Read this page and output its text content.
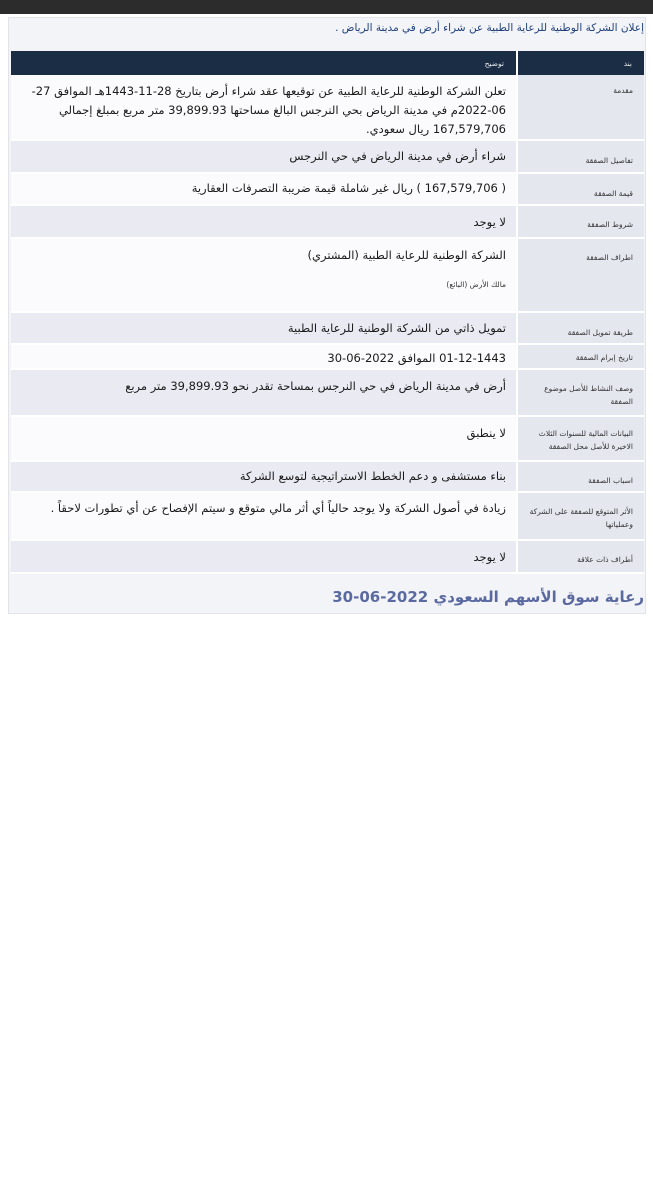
إعلان الشركة الوطنية للرعاية الطبية عن شراء أرض في مدينة الرياض .
بند	توضيح
مقدمة	تعلن الشركة الوطنية للرعاية الطبية عن توقيعها عقد شراء أرض بتاريخ 28-11-1443هـ الموافق 27-06-2022م في مدينة الرياض بحي النرجس البالغ مساحتها 39,899.93 متر مربع بمبلغ إجمالي 167,579,706 ريال سعودي.
تفاصيل الصفقة	شراء أرض في مدينة الرياض في حي النرجس
قيمة الصفقة	( 167,579,706 ) ريال غير شاملة قيمة ضريبة التصرفات العقارية
شروط الصفقة	لا يوجد
اطراف الصفقة	الشركة الوطنية للرعاية الطبية (المشتري)
مالك الأرض (البائع)

طريقة تمويل الصفقة	تمويل ذاتي من الشركة الوطنية للرعاية الطبية
تاريخ إبرام الصفقة	01-12-1443 الموافق 2022-06-30
وصف النشاط للأصل موضوع الصفقة	أرض في مدينة الرياض في حي النرجس بمساحة تقدر نحو 39,899.93 متر مربع
البيانات المالية للسنوات الثلاث الاخيرة للأصل محل الصفقة	لا ينطبق
اسباب الصفقة	بناء مستشفى و دعم الخطط الاستراتيجية لتوسع الشركة
الأثر المتوقع للصفقة على الشركة وعملياتها	زيادة في أصول الشركة ولا يوجد حالياً أي أثر مالي متوقع و سيتم الإفصاح عن أي تطورات لاحقاً .
أطراف ذات علاقة	لا يوجد
رعاية سوق الأسهم السعودي 2022-06-30
